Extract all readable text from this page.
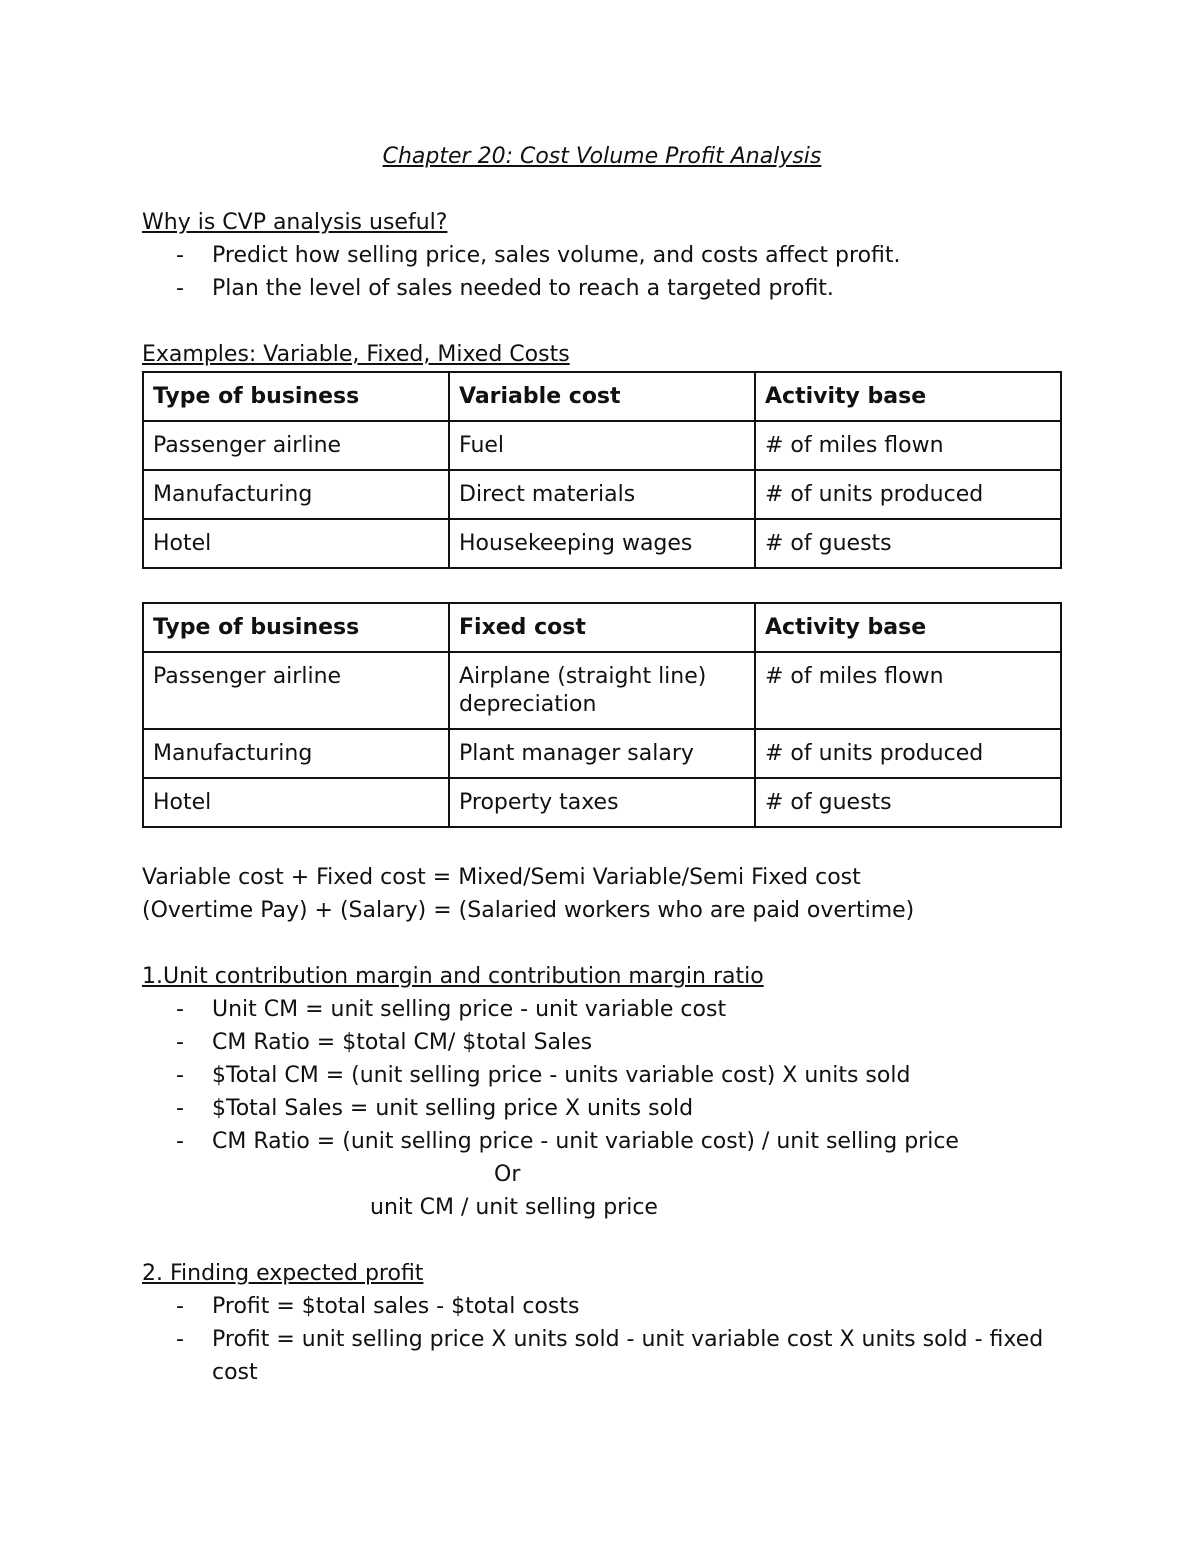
Chapter 20: Cost Volume Profit Analysis

Why is CVP analysis useful?

- Predict how selling price, sales volume, and costs affect profit.
- Plan the level of sales needed to reach a targeted profit.

Examples: Variable, Fixed, Mixed Costs

Type of business	Variable cost	Activity base
Passenger airline	Fuel	# of miles flown
Manufacturing	Direct materials	# of units produced
Hotel	Housekeeping wages	# of guests
Type of business	Fixed cost	Activity base
Passenger airline	Airplane (straight line) depreciation	# of miles flown
Manufacturing	Plant manager salary	# of units produced
Hotel	Property taxes	# of guests

Variable cost + Fixed cost = Mixed/Semi Variable/Semi Fixed cost

(Overtime Pay) + (Salary) = (Salaried workers who are paid overtime)

1.Unit contribution margin and contribution margin ratio

- Unit CM = unit selling price - unit variable cost
- CM Ratio = $total CM/ $total Sales
- $Total CM = (unit selling price - units variable cost) X units sold
- $Total Sales = unit selling price X units sold
- CM Ratio = (unit selling price - unit variable cost) / unit selling price

Or

unit CM / unit selling price

2. Finding expected profit

- Profit = $total sales - $total costs
- Profit = unit selling price X units sold - unit variable cost X units sold - fixed cost
